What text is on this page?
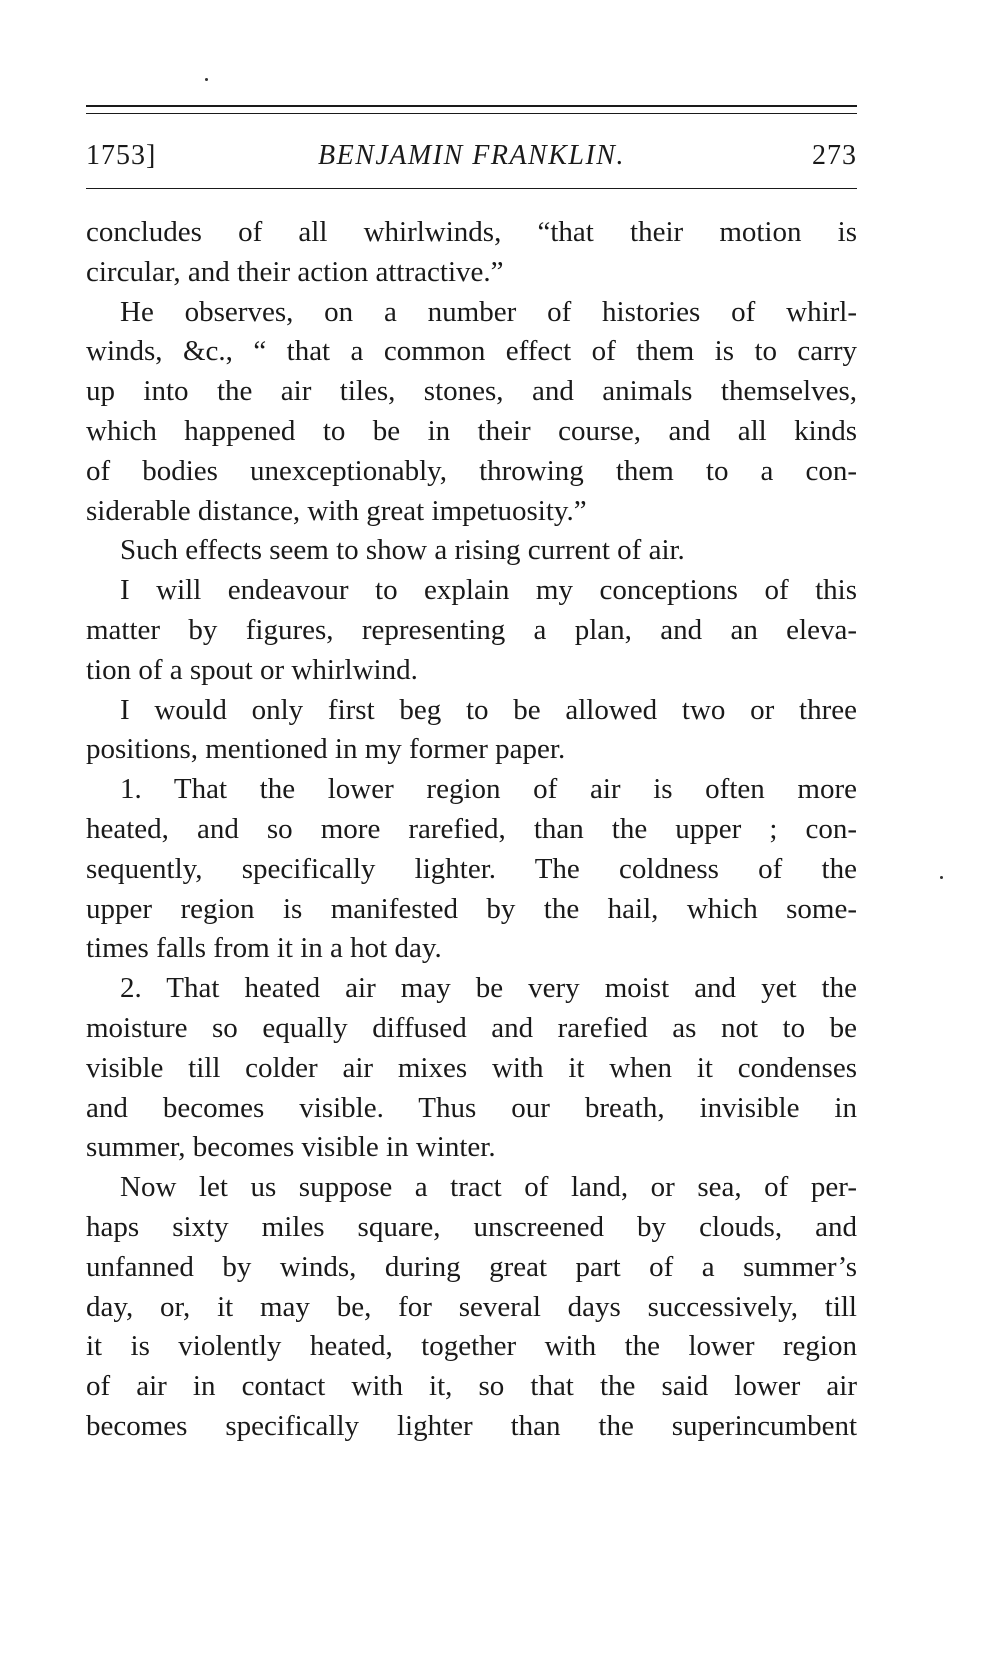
1753]	BENJAMIN FRANKLIN.	273
concludes of all whirlwinds, “that their motion is
circular, and their action attractive.”
He observes, on a number of histories of whirl-
winds, &c., “ that a common effect of them is to carry
up into the air tiles, stones, and animals themselves,
which happened to be in their course, and all kinds
of bodies unexceptionably, throwing them to a con-
siderable distance, with great impetuosity.”
Such effects seem to show a rising current of air.
I will endeavour to explain my conceptions of this
matter by figures, representing a plan, and an eleva-
tion of a spout or whirlwind.
I would only first beg to be allowed two or three
positions, mentioned in my former paper.
1. That the lower region of air is often more
heated, and so more rarefied, than the upper ; con-
sequently, specifically lighter. The coldness of the
upper region is manifested by the hail, which some-
times falls from it in a hot day.
2. That heated air may be very moist and yet the
moisture so equally diffused and rarefied as not to be
visible till colder air mixes with it when it condenses
and becomes visible. Thus our breath, invisible in
summer, becomes visible in winter.
Now let us suppose a tract of land, or sea, of per-
haps sixty miles square, unscreened by clouds, and
unfanned by winds, during great part of a summer’s
day, or, it may be, for several days successively, till
it is violently heated, together with the lower region
of air in contact with it, so that the said lower air
becomes specifically lighter than the superincumbent
